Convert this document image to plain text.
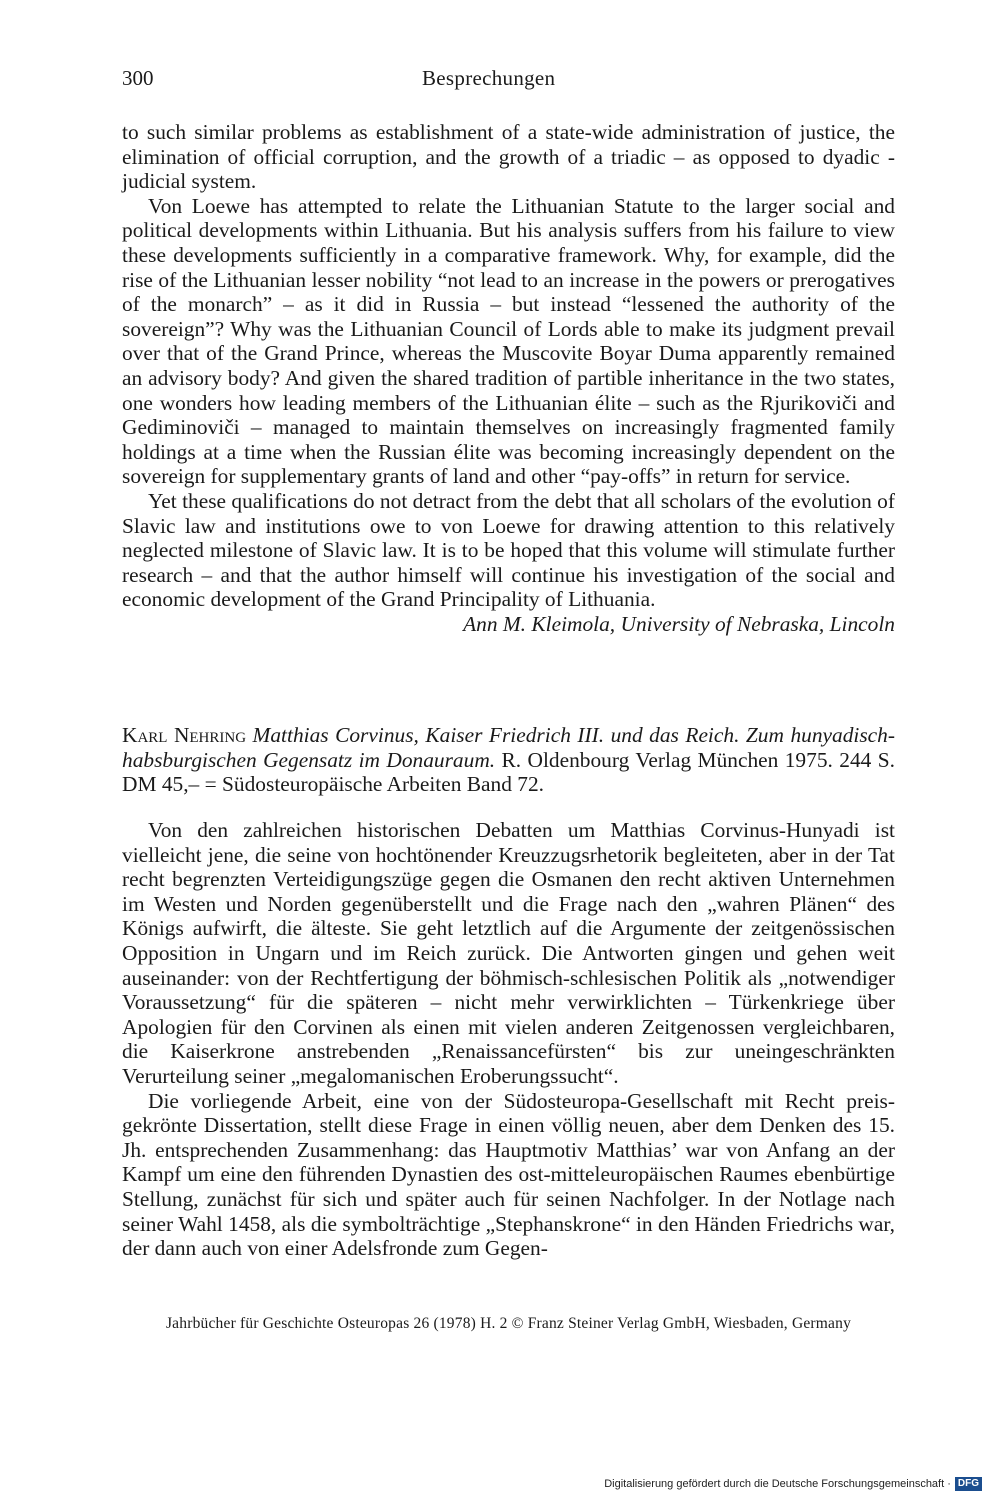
300	Besprechungen

to such similar problems as establishment of a state-wide administration of justice, the elimination of official corruption, and the growth of a triadic – as opposed to dyadic - judicial system.

Von Loewe has attempted to relate the Lithuanian Statute to the larger social and political developments within Lithuania. But his analysis suffers from his failure to view these developments sufficiently in a comparative framework. Why, for example, did the rise of the Lithuanian lesser nobility “not lead to an increase in the powers or prerogatives of the monarch” – as it did in Russia – but instead “lessened the authority of the sovereign”? Why was the Lithuanian Council of Lords able to make its judgment prevail over that of the Grand Prince, whereas the Muscovite Boyar Duma apparently remained an advisory body? And given the shared tradition of partible inheritance in the two states, one wonders how leading members of the Lithuanian élite – such as the Rjurikoviči and Gediminoviči – managed to maintain themselves on increasingly fragmented family holdings at a time when the Russian élite was becoming increasingly dependent on the sovereign for supplementary grants of land and other “pay-offs” in return for service.

Yet these qualifications do not detract from the debt that all scholars of the evolution of Slavic law and institutions owe to von Loewe for drawing attention to this relatively neglected milestone of Slavic law. It is to be hoped that this volume will stimulate further research – and that the author himself will continue his investigation of the social and economic development of the Grand Principality of Lithuania.

Ann M. Kleimola, University of Nebraska, Lincoln

Karl Nehring Matthias Corvinus, Kaiser Friedrich III. und das Reich. Zum hunyadisch-habsburgischen Gegensatz im Donauraum. R. Oldenbourg Verlag München 1975. 244 S. DM 45,– = Südosteuropäische Arbeiten Band 72.

Von den zahlreichen historischen Debatten um Matthias Corvinus-Hunyadi ist vielleicht jene, die seine von hochtönender Kreuzzugsrhetorik begleiteten, aber in der Tat recht begrenzten Verteidigungszüge gegen die Osmanen den recht aktiven Unternehmen im Westen und Norden gegenüberstellt und die Frage nach den „wahren Plänen“ des Königs aufwirft, die älteste. Sie geht letztlich auf die Argumente der zeitgenössischen Opposition in Ungarn und im Reich zurück. Die Antworten gingen und gehen weit auseinander: von der Rechtfertigung der böhmisch-schlesischen Politik als „notwendiger Voraussetzung“ für die späteren – nicht mehr verwirklichten – Türkenkriege über Apologien für den Corvinen als einen mit vielen anderen Zeitgenossen vergleichbaren, die Kaiserkrone anstrebenden „Renaissancefürsten“ bis zur uneingeschränkten Verurteilung seiner „megalomanischen Eroberungssucht“.

Die vorliegende Arbeit, eine von der Südosteuropa-Gesellschaft mit Recht preisgekrönte Dissertation, stellt diese Frage in einen völlig neuen, aber dem Denken des 15. Jh. entsprechenden Zusammenhang: das Hauptmotiv Matthias’ war von Anfang an der Kampf um eine den führenden Dynastien des ost-mitteleuropäischen Raumes ebenbürtige Stellung, zunächst für sich und später auch für seinen Nachfolger. In der Notlage nach seiner Wahl 1458, als die symbolträchtige „Stephanskrone“ in den Händen Friedrichs war, der dann auch von einer Adelsfronde zum Gegen-

Jahrbücher für Geschichte Osteuropas 26 (1978) H. 2 © Franz Steiner Verlag GmbH, Wiesbaden, Germany
Digitalisierung gefördert durch die Deutsche Forschungsgemeinschaft · DFG
